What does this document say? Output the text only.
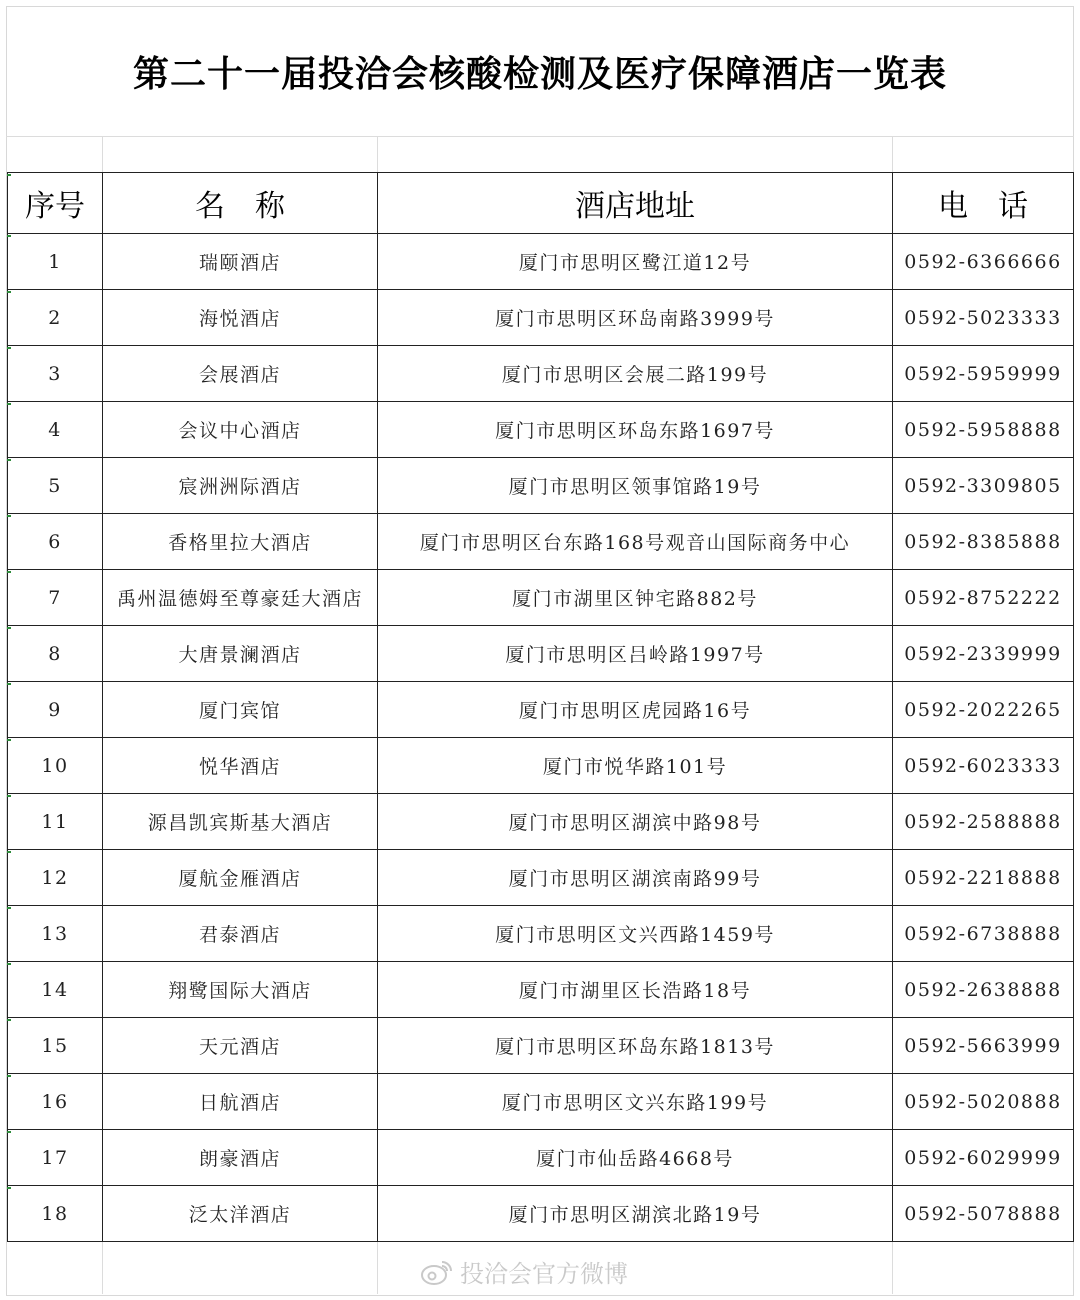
第二十一届投洽会核酸检测及医疗保障酒店一览表
序号	名　称	酒店地址	电　话
1	瑞颐酒店	厦门市思明区鹭江道12号	0592-6366666
2	海悦酒店	厦门市思明区环岛南路3999号	0592-5023333
3	会展酒店	厦门市思明区会展二路199号	0592-5959999
4	会议中心酒店	厦门市思明区环岛东路1697号	0592-5958888
5	宸洲洲际酒店	厦门市思明区领事馆路19号	0592-3309805
6	香格里拉大酒店	厦门市思明区台东路168号观音山国际商务中心	0592-8385888
7	禹州温德姆至尊豪廷大酒店	厦门市湖里区钟宅路882号	0592-8752222
8	大唐景澜酒店	厦门市思明区吕岭路1997号	0592-2339999
9	厦门宾馆	厦门市思明区虎园路16号	0592-2022265
10	悦华酒店	厦门市悦华路101号	0592-6023333
11	源昌凯宾斯基大酒店	厦门市思明区湖滨中路98号	0592-2588888
12	厦航金雁酒店	厦门市思明区湖滨南路99号	0592-2218888
13	君泰酒店	厦门市思明区文兴西路1459号	0592-6738888
14	翔鹭国际大酒店	厦门市湖里区长浩路18号	0592-2638888
15	天元酒店	厦门市思明区环岛东路1813号	0592-5663999
16	日航酒店	厦门市思明区文兴东路199号	0592-5020888
17	朗豪酒店	厦门市仙岳路4668号	0592-6029999
18	泛太洋酒店	厦门市思明区湖滨北路19号	0592-5078888
投洽会官方微博
